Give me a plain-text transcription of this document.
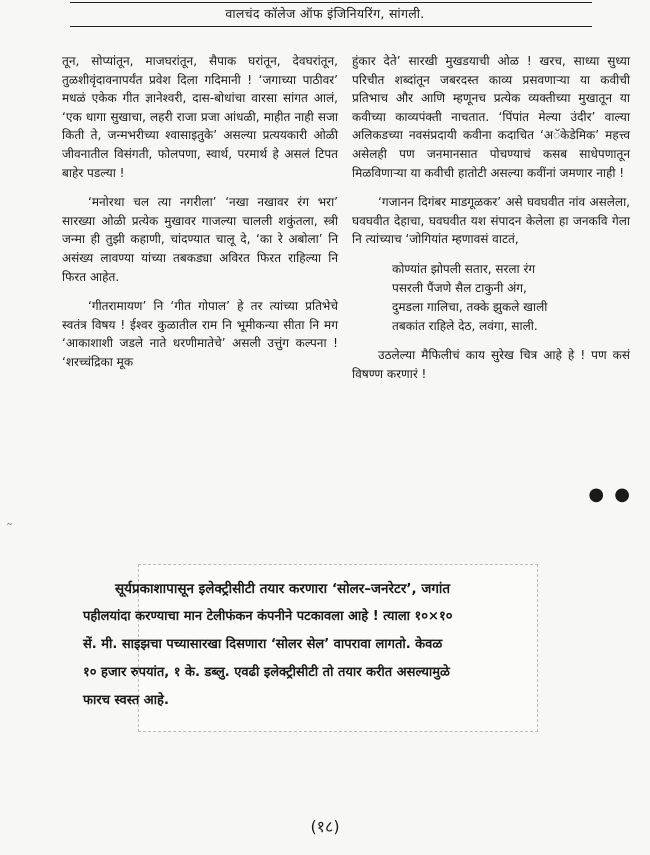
वालचंद कॉलेज ऑफ इंजिनियरिंग, सांगली.

तून, सोप्यांतून, माजघरांतून, सैपाक घरांतून, देवघरांतून, तुळशीवृंदावनापर्यंत प्रवेश दिला गदिमानी ! ‘जगाच्या पाठीवर’ मधळं एकेक गीत ज्ञानेश्वरी, दास-बोधांचा वारसा सांगत आलं, ‘एक धागा सुखाचा, लहरी राजा प्रजा आंधळी, माहीत नाही सजा किती ते, जन्मभरीच्या श्वासाइतुके’ असल्या प्रत्ययकारी ओळी जीवनातील विसंगती, फोलपणा, स्वार्थ, परमार्थ हे असलं टिपत बाहेर पडल्या !

‘मनोरथा चल त्या नगरीला’ ‘नखा नखावर रंग भरा’ सारख्या ओळी प्रत्येक मुखावर गाजल्या चालली शकुंतला, स्त्री जन्मा ही तुझी कहाणी, चांदण्यात चालू दे, ‘का रे अबोला’ नि असंख्य लावण्या यांच्या तबकड्या अविरत फिरत राहिल्या नि फिरत आहेत.

‘गीतरामायण’ नि ‘गीत गोपाल’ हे तर त्यांच्या प्रतिभेचे स्वतंत्र विषय ! ईश्वर कुळातील राम नि भूमीकन्या सीता नि मग ‘आकाशाशी जडले नाते धरणीमातेचे’ असली उत्तुंग कल्पना ! ‘शरच्चंद्रिका मूक

हुंकार देते’ सारखी मुखडयाची ओळ ! खरच, साध्या सुध्या परिचीत शब्दांतून जबरदस्त काव्य प्रसवणाऱ्या या कवीची प्रतिभाच और आणि म्हणूनच प्रत्येक व्यक्तीच्या मुखातून या कवीच्या काव्यपंक्ती नाचतात. ‘पिंपांत मेल्या उंदीर’ वाल्या अलिकडच्या नवसंप्रदायी कवीना कदाचित ‘अॅकेडेमिक’ महत्त्व असेलही पण जनमानसात पोचण्याचं कसब साधेपणातून मिळविणाऱ्या या कवीची हातोटी असल्या कवींनां जमणार नाही !

‘गजानन दिगंबर माडगूळकर’ असे घवघवीत नांव असलेला, घवघवीत देहाचा, घवघवीत यश संपादन केलेला हा जनकवि गेला नि त्यांच्याच ‘जोगियांत म्हणावसं वाटतं,

कोण्यांत झोपली सतार, सरला रंग
पसरली पैंजणे सैल टाकुनी अंग,
दुमडला गालिचा, तक्के झुकले खाली
तबकांत राहिले देठ, लवंगा, साली.

उठलेल्या मैफिलीचं काय सुरेख चित्र आहे हे ! पण कसं विषण्ण करणारं !

● ●
˜
सूर्यप्रकाशापासून इलेक्ट्रीसीटी तयार करणारा ‘सोलर–जनरेटर’, जगांत
पहीलयांदा करण्याचा मान टेलीफंकन कंपनीने पटकावला आहे ! त्याला १०×१०
सें. मी. साइझचा पच्यासारखा दिसणारा ‘सोलर सेल’ वापरावा लागतो. केवळ
१० हजार रुपयांत, १ के. डब्लु. एवढी इलेक्ट्रीसीटी तो तयार करीत असल्यामुळे
फारच स्वस्त आहे.
(१८)
